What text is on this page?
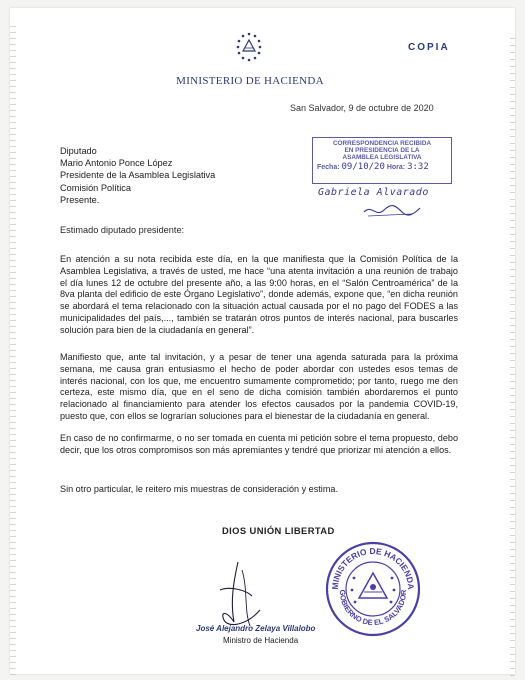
MINISTERIO DE HACIENDA
COPIA
San Salvador, 9 de octubre de 2020
Diputado
Mario Antonio Ponce López
Presidente de la Asamblea Legislativa
Comisión Política
Presente.
CORRESPONDENCIA RECIBIDA
EN PRESIDENCIA DE LA
ASAMBLEA LEGISLATIVA
Fecha: 09/10/20 Hora: 3:32
Gabriela Alvarado
Estimado diputado presidente:
En atención a su nota recibida este día, en la que manifiesta que la Comisión Política de la Asamblea Legislativa, a través de usted, me hace “una atenta invitación a una reunión de trabajo el día lunes 12 de octubre del presente año, a las 9:00 horas, en el “Salón Centroamérica” de la 8va planta del edificio de este Órgano Legislativo”, donde además, expone que, “en dicha reunión se abordará el tema relacionado con la situación actual causada por el no pago del FODES a las municipalidades del país,..., también se tratarán otros puntos de interés nacional, para buscarles solución para bien de la ciudadanía en general”.
Manifiesto que, ante tal invitación, y a pesar de tener una agenda saturada para la próxima semana, me causa gran entusiasmo el hecho de poder abordar con ustedes esos temas de interés nacional, con los que, me encuentro sumamente comprometido; por tanto, ruego me den certeza, este mismo día, que en el seno de dicha comisión también abordaremos el punto relacionado al financiamiento para atender los efectos causados por la pandemia COVID-19, puesto que, con ellos se lograrían soluciones para el bienestar de la ciudadanía en general.
En caso de no confirmarme, o no ser tomada en cuenta mi petición sobre el tema propuesto, debo decir, que los otros compromisos son más apremiantes y tendré que priorizar mi atención a ellos.
Sin otro particular, le reitero mis muestras de consideración y estima.
DIOS UNIÓN LIBERTAD
José Alejandro Zelaya Villalobo
Ministro de Hacienda
MINISTERIO DE HACIENDA
GOBIERNO DE EL SALVADOR
